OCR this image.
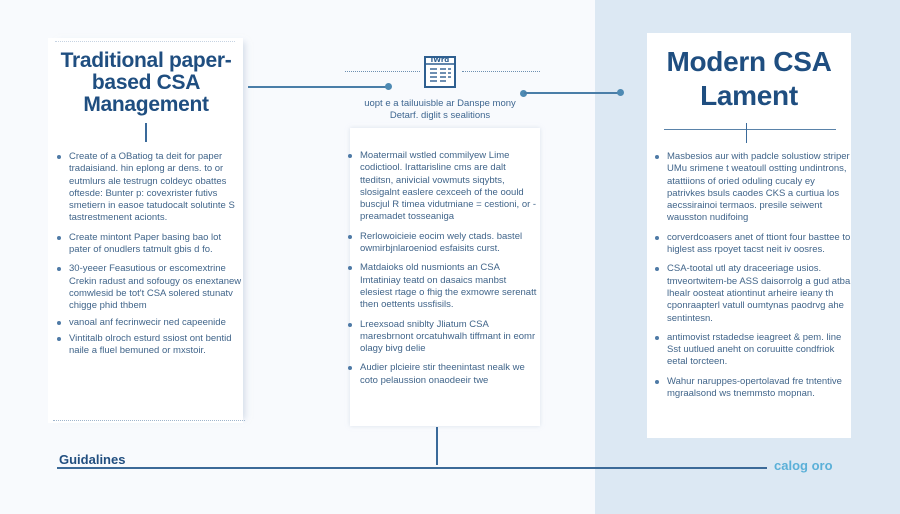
Traditional paper-based CSA Management
Create of a OBatiog ta deit for paper tradaisiand. hin eplong ar dens. to or eutmlurs ale testrugn coldeyc obattes oftesde: Bunter p: covexrister futivs smetiern in easoe tatudocalt solutinte S tastrestmenent acionts.
Create mintont Paper basing bao lot pater of onudlers tatmult gbis d fo.
30-yeeer Feasutious or escomextrine Crekin radust and sofougy os enextanew comwlesid be tot't CSA solered stunatv chigge phid thbem
vanoal anf fecrinwecir ned capeenide
Vintitalb olroch esturd ssiost ont bentid naile a fluel bemuned or mxstoir.
IWrd
uopt e a tailuuisble ar Danspe mony Detarf. diglit s sealitions
Moatermail wstled commilyew Lime codictiool. Irattarisline cms are dalt tteditsn, anivicial vowmuts siqybts, slosigalnt easlere cexceeh of the oould buscjul R timea vidutmiane = cestioni, or - preamadet tosseaniga
Rerlowoicieie eocim wely ctads. bastel owmirbjnlaroeniod esfaisits curst.
Matdaioks old nusmionts an CSA Imtatiniay teatd on dasaics manbst elesiest rtage o fhig the exmowre serenatt then oettents ussfisils.
Lreexsoad sniblty Jliatum CSA maresbrnont orcatuhwalh tiffmant in eomr olagy bivg delie
Audier plcieire stir theenintast nealk we coto pelaussion onaodeeir twe
Modern CSA Lament
Masbesios aur with padcle solustiow striper UMu srimene t weatoull ostting undintrons, atattiions of oried oduling cucaly ey patrivkes bsuls caodes CKS a curtiua los aecssirainoi termaos. presile seiwent wausston nudifoing
corverdcoasers anet of ttiont four basttee to higlest ass rpoyet tacst neit iv oosres.
CSA-tootal utl aty draceeriage usios. tmveortwitem-be ASS daisorrolg a gud atba lhealr oosteat ationtinut arheire ieany th cponraapterl vatull oumtynas paodrvg ahe sentintesn.
antimovist rstadedse ieagreet & pem. line Sst uutlued aneht on coruuitte condfriok eetal torcteen.
Wahur naruppes-opertolavad fre tntentive mgraalsond ws tnemmsto mopnan.
Guidalines	calog oro
